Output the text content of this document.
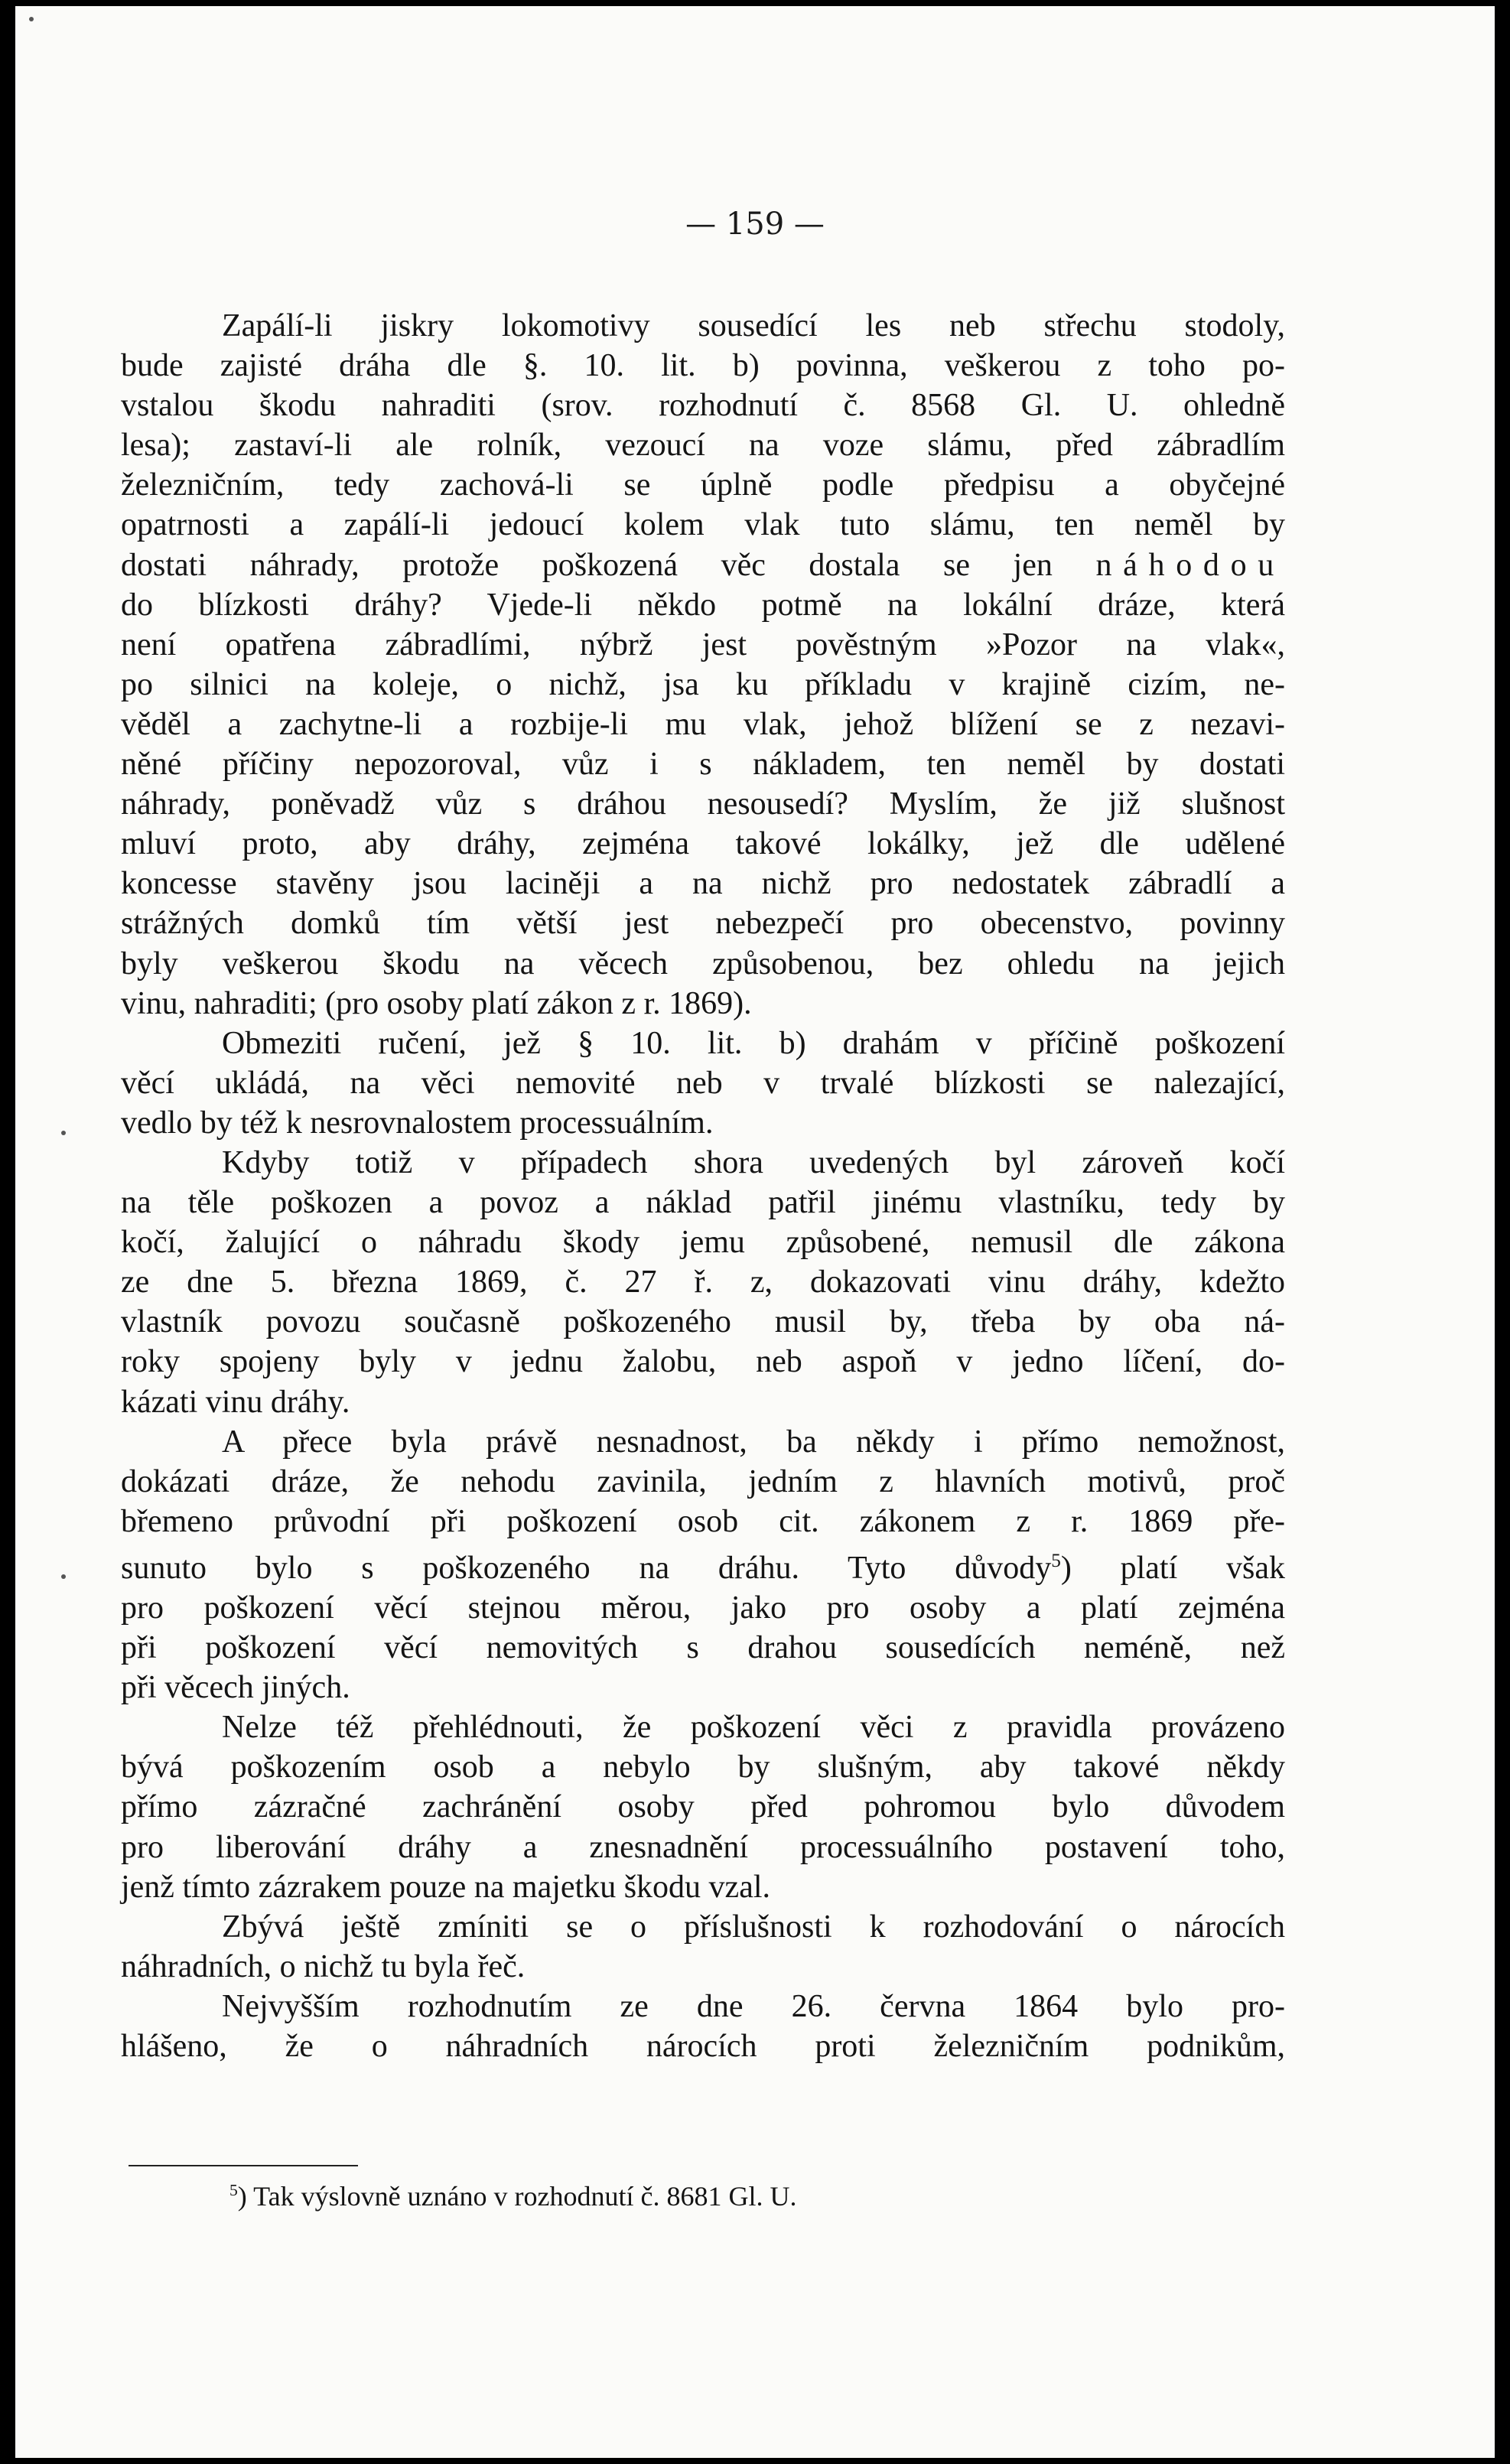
— 159 —

Zapálí-li jiskry lokomotivy sousedící les neb střechu stodoly,
bude zajisté dráha dle §. 10. lit. b) povinna, veškerou z toho po-
vstalou škodu nahraditi (srov. rozhodnutí č. 8568 Gl. U. ohledně
lesa); zastaví-li ale rolník, vezoucí na voze slámu, před zábradlím
železničním, tedy zachová-li se úplně podle předpisu a obyčejné
opatrnosti a zapálí-li jedoucí kolem vlak tuto slámu, ten neměl by
dostati náhrady, protože poškozená věc dostala se jen náhodou
do blízkosti dráhy? Vjede-li někdo potmě na lokální dráze, která
není opatřena zábradlími, nýbrž jest pověstným »Pozor na vlak«,
po silnici na koleje, o nichž, jsa ku příkladu v krajině cizím, ne-
věděl a zachytne-li a rozbije-li mu vlak, jehož blížení se z nezavi-
něné příčiny nepozoroval, vůz i s nákladem, ten neměl by dostati
náhrady, poněvadž vůz s dráhou nesousedí? Myslím, že již slušnost
mluví proto, aby dráhy, zejména takové lokálky, jež dle udělené
koncesse stavěny jsou laciněji a na nichž pro nedostatek zábradlí a
strážných domků tím větší jest nebezpečí pro obecenstvo, povinny
byly veškerou škodu na věcech způsobenou, bez ohledu na jejich
vinu, nahraditi; (pro osoby platí zákon z r. 1869).

Obmeziti ručení, jež § 10. lit. b) drahám v příčině poškození
věcí ukládá, na věci nemovité neb v trvalé blízkosti se nalezající,
vedlo by též k nesrovnalostem processuálním.

Kdyby totiž v případech shora uvedených byl zároveň kočí
na těle poškozen a povoz a náklad patřil jinému vlastníku, tedy by
kočí, žalující o náhradu škody jemu způsobené, nemusil dle zákona
ze dne 5. března 1869, č. 27 ř. z, dokazovati vinu dráhy, kdežto
vlastník povozu současně poškozeného musil by, třeba by oba ná-
roky spojeny byly v jednu žalobu, neb aspoň v jedno líčení, do-
kázati vinu dráhy.

A přece byla právě nesnadnost, ba někdy i přímo nemožnost,
dokázati dráze, že nehodu zavinila, jedním z hlavních motivů, proč
břemeno průvodní při poškození osob cit. zákonem z r. 1869 pře-
sunuto bylo s poškozeného na dráhu. Tyto důvody$^5$) platí však
pro poškození věcí stejnou měrou, jako pro osoby a platí zejména
při poškození věcí nemovitých s drahou sousedících neméně, než
při věcech jiných.

Nelze též přehlédnouti, že poškození věci z pravidla provázeno
bývá poškozením osob a nebylo by slušným, aby takové někdy
přímo zázračné zachránění osoby před pohromou bylo důvodem
pro liberování dráhy a znesnadnění processuálního postavení toho,
jenž tímto zázrakem pouze na majetku škodu vzal.

Zbývá ještě zmíniti se o příslušnosti k rozhodování o nárocích
náhradních, o nichž tu byla řeč.

Nejvyšším rozhodnutím ze dne 26. června 1864 bylo pro-
hlášeno, že o náhradních nárocích proti železničním podnikům,

$^5$) Tak výslovně uznáno v rozhodnutí č. 8681 Gl. U.
